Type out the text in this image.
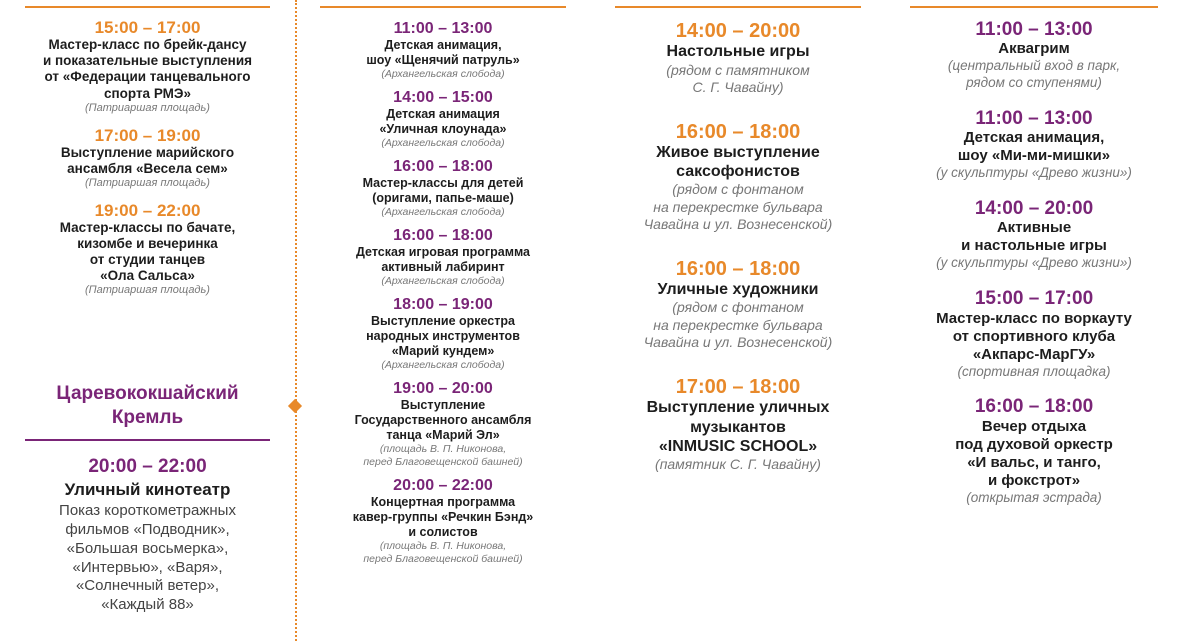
15:00 – 17:00
Мастер-класс по брейк-дансу
и показательные выступления
от «Федерации танцевального
спорта РМЭ»
(Патриаршая площадь)
17:00 – 19:00
Выступление марийского
ансамбля «Весела сем»
(Патриаршая площадь)
19:00 – 22:00
Мастер-классы по бачате,
кизомбе и вечеринка
от студии танцев
«Ола Сальса»
(Патриаршая площадь)
Царевококшайский
Кремль
20:00 – 22:00
Уличный кинотеатр
Показ короткометражных
фильмов «Подводник»,
«Большая восьмерка»,
«Интервью», «Варя»,
«Солнечный ветер»,
«Каждый 88»
11:00 – 13:00
Детская анимация,
шоу «Щенячий патруль»
(Архангельская слобода)
14:00 – 15:00
Детская анимация
«Уличная клоунада»
(Архангельская слобода)
16:00 – 18:00
Мастер-классы для детей
(оригами, папье-маше)
(Архангельская слобода)
16:00 – 18:00
Детская игровая программа
активный лабиринт
(Архангельская слобода)
18:00 – 19:00
Выступление оркестра
народных инструментов
«Марий кундем»
(Архангельская слобода)
19:00 – 20:00
Выступление
Государственного ансамбля
танца «Марий Эл»
(площадь В. П. Никонова,
перед Благовещенской башней)
20:00 – 22:00
Концертная программа
кавер-группы «Речкин Бэнд»
и солистов
(площадь В. П. Никонова,
перед Благовещенской башней)
14:00 – 20:00
Настольные игры
(рядом с памятником
С. Г. Чавайну)
16:00 – 18:00
Живое выступление
саксофонистов
(рядом с фонтаном
на перекрестке бульвара
Чавайна и ул. Вознесенской)
16:00 – 18:00
Уличные художники
(рядом с фонтаном
на перекрестке бульвара
Чавайна и ул. Вознесенской)
17:00 – 18:00
Выступление уличных
музыкантов
«INMUSIC SCHOOL»
(памятник С. Г. Чавайну)
11:00 – 13:00
Аквагрим
(центральный вход в парк,
рядом со ступенями)
11:00 – 13:00
Детская анимация,
шоу «Ми-ми-мишки»
(у скульптуры «Древо жизни»)
14:00 – 20:00
Активные
и настольные игры
(у скульптуры «Древо жизни»)
15:00 – 17:00
Мастер-класс по воркауту
от спортивного клуба
«Акпарс-МарГУ»
(спортивная площадка)
16:00 – 18:00
Вечер отдыха
под духовой оркестр
«И вальс, и танго,
и фокстрот»
(открытая эстрада)
